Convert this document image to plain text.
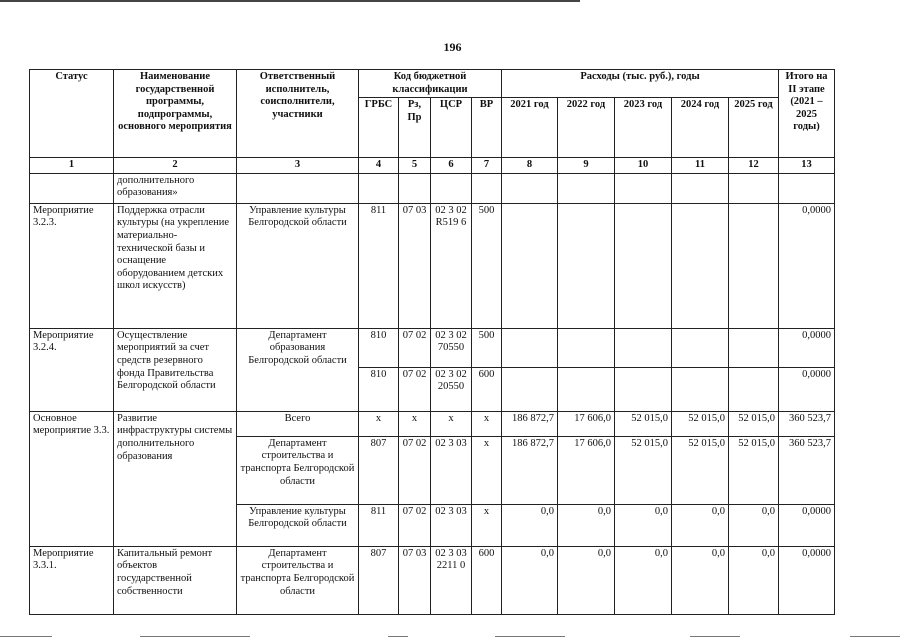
196
Статус	Наименование государственной программы, подпрограммы, основного мероприятия	Ответственный исполнитель, соисполнители, участники	Код бюджетной классификации				Расходы (тыс. руб.), годы					Итого на II этапе (2021 – 2025 годы)
			ГРБС	Рз, Пр	ЦСР	ВР	2021 год	2022 год	2023 год	2024 год	2025 год	
1	2	3	4	5	6	7	8	9	10	11	12	13
	дополнительного образования»											
Мероприятие 3.2.3.	Поддержка отрасли культуры (на укрепление материально-технической базы и оснащение оборудованием детских школ искусств)	Управление культуры Белгородской области	811	07 03	02 3 02 R519 6	500						0,0000
Мероприятие 3.2.4.	Осуществление мероприятий за счет средств резервного фонда Правительства Белгородской области	Департамент образования Белгородской области	810	07 02	02 3 02 70550	500						0,0000
			810	07 02	02 3 02 20550	600						0,0000
Основное мероприятие 3.3.	Развитие инфраструктуры системы дополнительного образования	Всего	х	х	х	х	186 872,7	17 606,0	52 015,0	52 015,0	52 015,0	360 523,7
		Департамент строительства и транспорта Белгородской области	807	07 02	02 3 03	х	186 872,7	17 606,0	52 015,0	52 015,0	52 015,0	360 523,7
		Управление культуры Белгородской области	811	07 02	02 3 03	х	0,0	0,0	0,0	0,0	0,0	0,0000
Мероприятие 3.3.1.	Капитальный ремонт объектов государственной собственности	Департамент строительства и транспорта Белгородской области	807	07 03	02 3 03 2211 0	600	0,0	0,0	0,0	0,0	0,0	0,0000
